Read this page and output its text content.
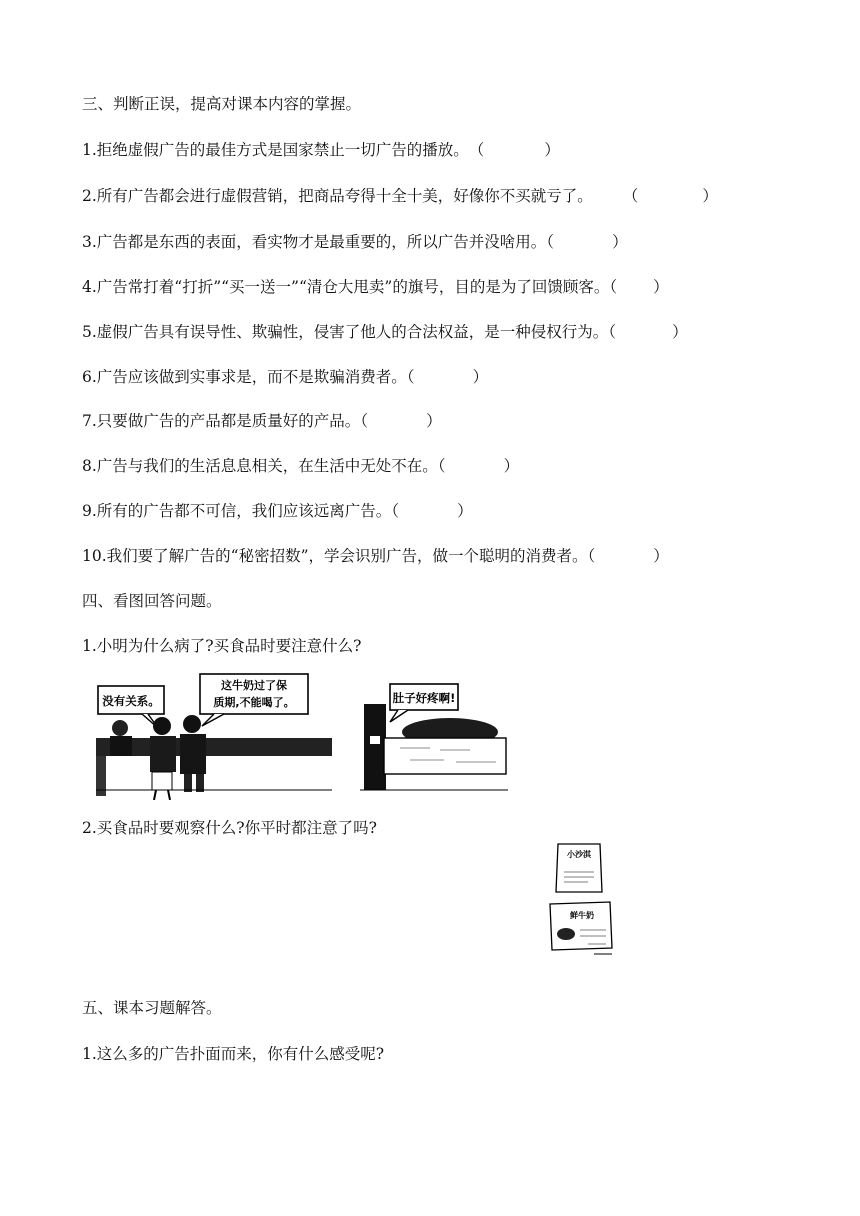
三、判断正误，提高对课本内容的掌握。
1.拒绝虚假广告的最佳方式是国家禁止一切广告的播放。（	）
2.所有广告都会进行虚假营销，把商品夸得十全十美，好像你不买就亏了。 （	）
3.广告都是东西的表面，看实物才是最重要的，所以广告并没啥用。（	）
4.广告常打着“打折”“买一送一”“清仓大甩卖”的旗号，目的是为了回馈顾客。（ ）
5.虚假广告具有误导性、欺骗性，侵害了他人的合法权益，是一种侵权行为。（	）
6.广告应该做到实事求是，而不是欺骗消费者。（	）
7.只要做广告的产品都是质量好的产品。（	）
8.广告与我们的生活息息相关，在生活中无处不在。（	）
9.所有的广告都不可信，我们应该远离广告。（	）
10.我们要了解广告的“秘密招数”，学会识别广告，做一个聪明的消费者。（	）
四、看图回答问题。
1.小明为什么病了?买食品时要注意什么?
没有关系。
这牛奶过了保
质期,不能喝了。	肚子好疼啊!
2.买食品时要观察什么?你平时都注意了吗?
小沙淇
鲜牛奶
五、课本习题解答。
1.这么多的广告扑面而来，你有什么感受呢?
